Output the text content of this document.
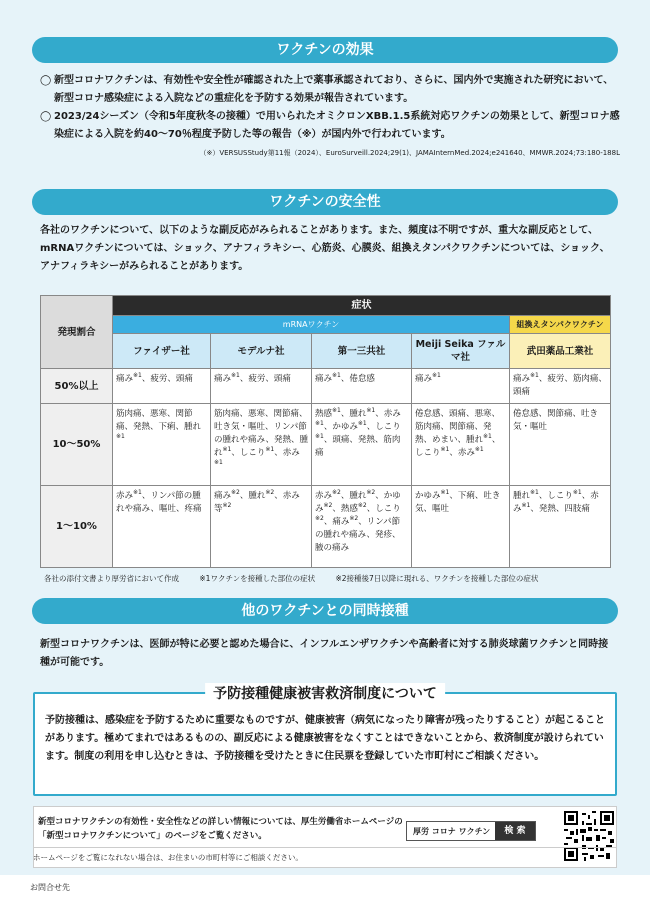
ワクチンの効果
◯ 新型コロナワクチンは、有効性や安全性が確認された上で薬事承認されており、さらに、国内外で実施された研究において、新型コロナ感染症による入院などの重症化を予防する効果が報告されています。
◯ 2023/24シーズン（令和5年度秋冬の接種）で用いられたオミクロンXBB.1.5系統対応ワクチンの効果として、新型コロナ感染症による入院を約40～70％程度予防した等の報告（※）が国内外で行われています。
（※）VERSUSStudy第11報（2024）、EuroSurveill.2024;29(1)、JAMAInternMed.2024;e241640、MMWR.2024;73:180-188L
ワクチンの安全性
各社のワクチンについて、以下のような副反応がみられることがあります。また、頻度は不明ですが、重大な副反応として、mRNAワクチンについては、ショック、アナフィラキシー、心筋炎、心膜炎、組換えタンパクワクチンについては、ショック、アナフィラキシーがみられることがあります。
発現割合	症状				
	mRNAワクチン				組換えタンパクワクチン
	ファイザー社	モデルナ社	第一三共社	Meiji Seika ファルマ社	武田薬品工業社
50%以上	痛み$^{※1}$、疲労、頭痛	痛み$^{※1}$、疲労、頭痛	痛み$^{※1}$、倦怠感	痛み$^{※1}$	痛み$^{※1}$、疲労、筋肉痛、頭痛
10～50%	筋肉痛、悪寒、関節痛、発熱、下痢、腫れ$^{※1}$	筋肉痛、悪寒、関節痛、吐き気・嘔吐、リンパ節の腫れや痛み、発熱、腫れ$^{※1}$、しこり$^{※1}$、赤み$^{※1}$	熱感$^{※1}$、腫れ$^{※1}$、赤み$^{※1}$、かゆみ$^{※1}$、しこり$^{※1}$、頭痛、発熱、筋肉痛	倦怠感、頭痛、悪寒、筋肉痛、関節痛、発熱、めまい、腫れ$^{※1}$、しこり$^{※1}$、赤み$^{※1}$	倦怠感、関節痛、吐き気・嘔吐
1～10%	赤み$^{※1}$、リンパ節の腫れや痛み、嘔吐、疼痛	痛み$^{※2}$、腫れ$^{※2}$、赤み等$^{※2}$	赤み$^{※2}$、腫れ$^{※2}$、かゆみ$^{※2}$、熱感$^{※2}$、しこり$^{※2}$、痛み$^{※2}$、リンパ節の腫れや痛み、発疹、腋の痛み	かゆみ$^{※1}$、下痢、吐き気、嘔吐	腫れ$^{※1}$、しこり$^{※1}$、赤み$^{※1}$、発熱、四肢痛
各社の添付文書より厚労省において作成	※1ワクチンを接種した部位の症状	※2接種後7日以降に現れる、ワクチンを接種した部位の症状
他のワクチンとの同時接種
新型コロナワクチンは、医師が特に必要と認めた場合に、インフルエンザワクチンや高齢者に対する肺炎球菌ワクチンと同時接種が可能です。
予防接種健康被害救済制度について
予防接種は、感染症を予防するために重要なものですが、健康被害（病気になったり障害が残ったりすること）が起こることがあります。極めてまれではあるものの、副反応による健康被害をなくすことはできないことから、救済制度が設けられています。制度の利用を申し込むときは、予防接種を受けたときに住民票を登録していた市町村にご相談ください。
新型コロナワクチンの有効性・安全性などの詳しい情報については、厚生労働省ホームページの「新型コロナワクチンについて」のページをご覧ください。	厚労 コロナ ワクチン	検 索
ホームページをご覧になれない場合は、お住まいの市町村等にご相談ください。
お問合せ先
